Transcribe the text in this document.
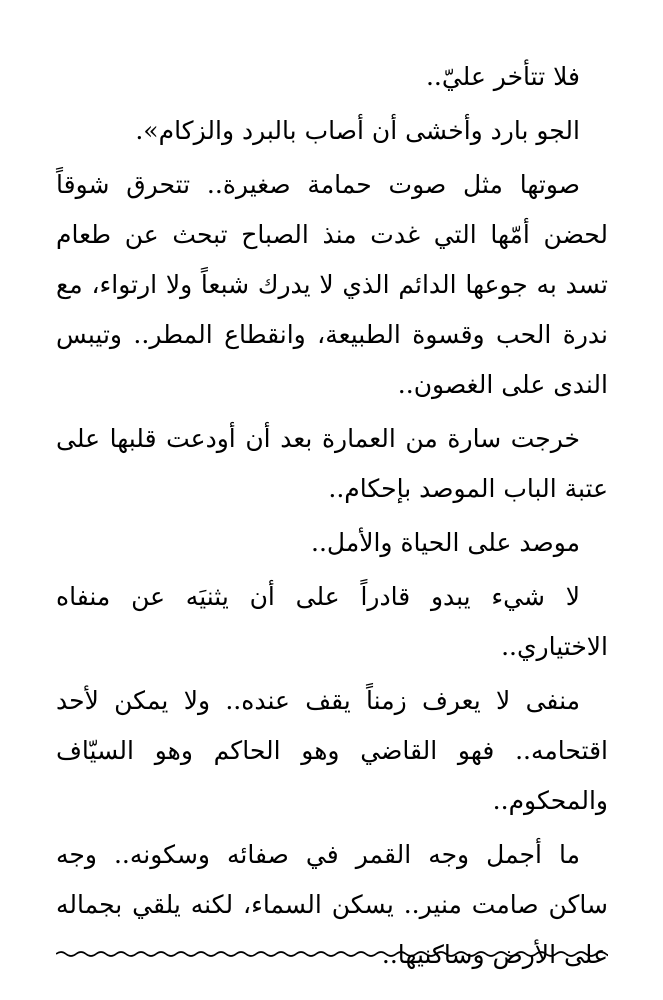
فلا تتأخر عليّ..

الجو بارد وأخشى أن أصاب بالبرد والزكام».

صوتها مثل صوت حمامة صغيرة.. تتحرق شوقاً لحضن أمّها التي غدت منذ الصباح تبحث عن طعام تسد به جوعها الدائم الذي لا يدرك شبعاً ولا ارتواء، مع ندرة الحب وقسوة الطبيعة، وانقطاع المطر.. وتيبس الندى على الغصون..

خرجت سارة من العمارة بعد أن أودعت قلبها على عتبة الباب الموصد بإحكام..

موصد على الحياة والأمل..

لا شيء يبدو قادراً على أن يثنيَه عن منفاه الاختياري..

منفى لا يعرف زمناً يقف عنده.. ولا يمكن لأحد اقتحامه.. فهو القاضي وهو الحاكم وهو السيّاف والمحكوم..

ما أجمل وجه القمر في صفائه وسكونه.. وجه ساكن صامت منير.. يسكن السماء، لكنه يلقي بجماله على الأرض وساكنيها..
